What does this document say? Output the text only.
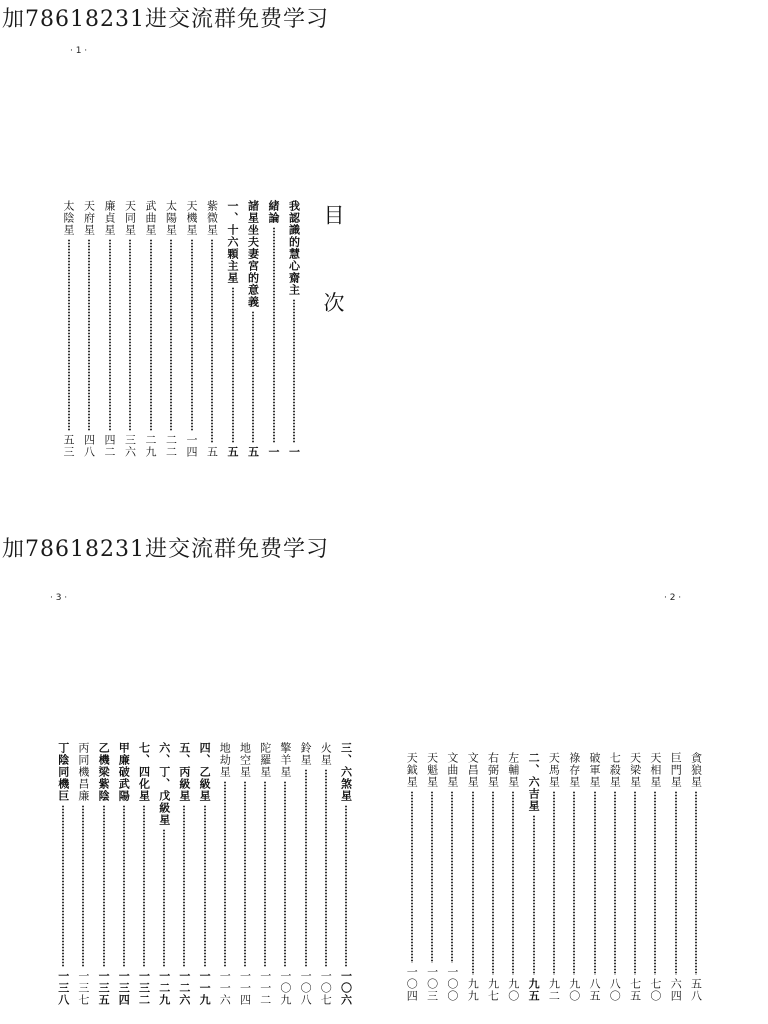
加78618231进交流群免费学习
· 1 ·
目 次
我認識的慧心齋主
一
緒論
一
諸星坐夫妻宮的意義
五
一、十六顆主星
五
紫微星
五
天機星
一四
太陽星
二二
武曲星
二九
天同星
三六
廉貞星
四二
天府星
四八
太陰星
五三
加78618231进交流群免费学习
· 3 ·	· 2 ·
貪狼星
五八
巨門星
六四
天相星
七〇
天梁星
七五
七殺星
八〇
破軍星
八五
祿存星
九〇
天馬星
九二
二、六吉星
九五
左輔星
九〇
右弼星
九七
文昌星
九九
文曲星
一〇〇
天魁星
一〇三
天鉞星
一〇四
三、六煞星
一〇六
火星
一〇七
鈴星
一〇八
擎羊星
一〇九
陀羅星
一一二
地空星
一一四
地劫星
一一六
四、乙級星
一一九
五、丙級星
一二六
六、丁、戊級星
一二九
七、四化星
一三二
甲廉破武陽
一三四
乙機梁紫陰
一三五
丙同機昌廉
一三七
丁陰同機巨
一三八
